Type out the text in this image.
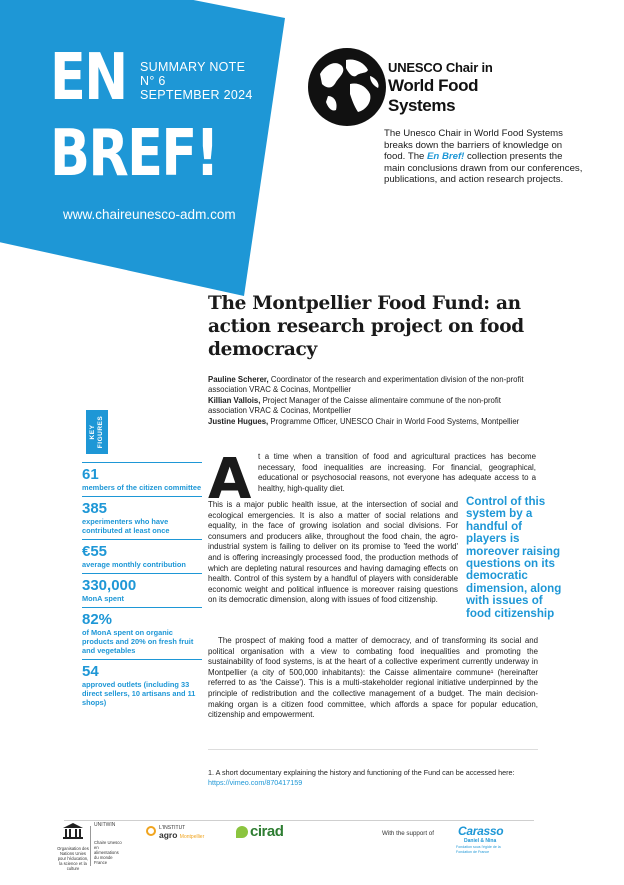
EN
BREF!
SUMMARY NOTE
N° 6
SEPTEMBER 2024
www.chaireunesco-adm.com
UNESCO Chair in
World Food
Systems
The Unesco Chair in World Food Systems breaks down the barriers of knowledge on food. The En Bref! collection presents the main conclusions drawn from our conferences, publications, and action research projects.
The Montpellier Food Fund: an action research project on food democracy
Pauline Scherer, Coordinator of the research and experimentation division of the non-profit association VRAC & Cocinas, Montpellier
Killian Vallois, Project Manager of the Caisse alimentaire commune of the non-profit association VRAC & Cocinas, Montpellier
Justine Hugues, Programme Officer, UNESCO Chair in World Food Systems, Montpellier
KEY
FIGURES
61
members of the citizen committee
385
experimenters who have contributed at least once
€55
average monthly contribution
330,000
MonA spent
82%
of MonA spent on organic products and 20% on fresh fruit and vegetables
54
approved outlets (including 33 direct sellers, 10 artisans and 11 shops)
A t a time when a transition of food and agricultural practices has become necessary, food inequalities are increasing. For financial, geographical, educational or psychosocial reasons, not everyone has adequate access to a healthy, high-quality diet.
This is a major public health issue, at the intersection of social and ecological emergencies. It is also a matter of social relations and equality, in the face of growing isolation and social divisions. For consumers and producers alike, throughout the food chain, the agro-industrial system is failing to deliver on its promise to 'feed the world' and is offering increasingly processed food, the production methods of which are depleting natural resources and having damaging effects on health. Control of this system by a handful of players with considerable economic weight and political influence is moreover raising questions on its democratic dimension, along with issues of food citizenship.
Control of this system by a handful of players is moreover raising questions on its democratic dimension, along with issues of food citizenship
The prospect of making food a matter of democracy, and of transforming its social and political organisation with a view to combating food inequalities and promoting the sustainability of food systems, is at the heart of a collective experiment currently underway in Montpellier (a city of 500,000 inhabitants): the Caisse alimentaire commune¹ (hereinafter referred to as 'the Caisse'). This is a multi-stakeholder regional initiative underpinned by the principle of redistribution and the collective management of a budget. The main decision-making organ is a citizen food committee, which affords a space for popular education, citizenship and empowerment.
1. A short documentary explaining the history and functioning of the Fund can be accessed here: https://vimeo.com/870417159
Organisation des Nations Unies pour l'éducation, la science et la culture
UNITWIN
Chaire Unesco en alimentations du monde France
L'INSTITUT
agro Montpellier	cirad	With the support of Carasso
Daniel & Nina
Fondation sous l'égide de la Fondation de France
